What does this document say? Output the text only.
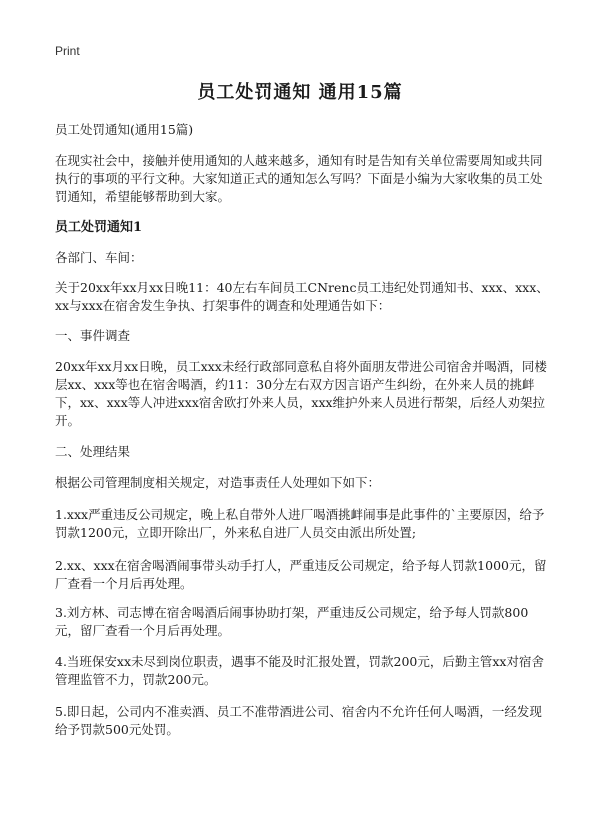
Print
员工处罚通知 通用15篇

员工处罚通知(通用15篇)

在现实社会中，接触并使用通知的人越来越多，通知有时是告知有关单位需要周知或共同执行的事项的平行文种。大家知道正式的通知怎么写吗？下面是小编为大家收集的员工处罚通知，希望能够帮助到大家。

员工处罚通知1

各部门、车间：

关于20xx年xx月xx日晚11：40左右车间员工CNrenc员工违纪处罚通知书、xxx、xxx、xx与xxx在宿舍发生争执、打架事件的调查和处理通告如下：

一、事件调查

20xx年xx月xx日晚，员工xxx未经行政部同意私自将外面朋友带进公司宿舍并喝酒，同楼层xx、xxx等也在宿舍喝酒，约11：30分左右双方因言语产生纠纷，在外来人员的挑衅下，xx、xxx等人冲进xxx宿舍欧打外来人员，xxx维护外来人员进行帮架，后经人劝架拉开。

二、处理结果

根据公司管理制度相关规定，对造事责任人处理如下如下：

1.xxx严重违反公司规定，晚上私自带外人进厂喝酒挑衅闹事是此事件的`主要原因，给予罚款1200元，立即开除出厂，外来私自进厂人员交由派出所处置;

2.xx、xxx在宿舍喝酒闹事带头动手打人，严重违反公司规定，给予每人罚款1000元，留厂查看一个月后再处理。

3.刘方林、司志博在宿舍喝酒后闹事协助打架，严重违反公司规定，给予每人罚款800元，留厂查看一个月后再处理。

4.当班保安xx未尽到岗位职责，遇事不能及时汇报处置，罚款200元，后勤主管xx对宿舍管理监管不力，罚款200元。

5.即日起，公司内不准卖酒、员工不准带酒进公司、宿舍内不允许任何人喝酒，一经发现给予罚款500元处罚。
